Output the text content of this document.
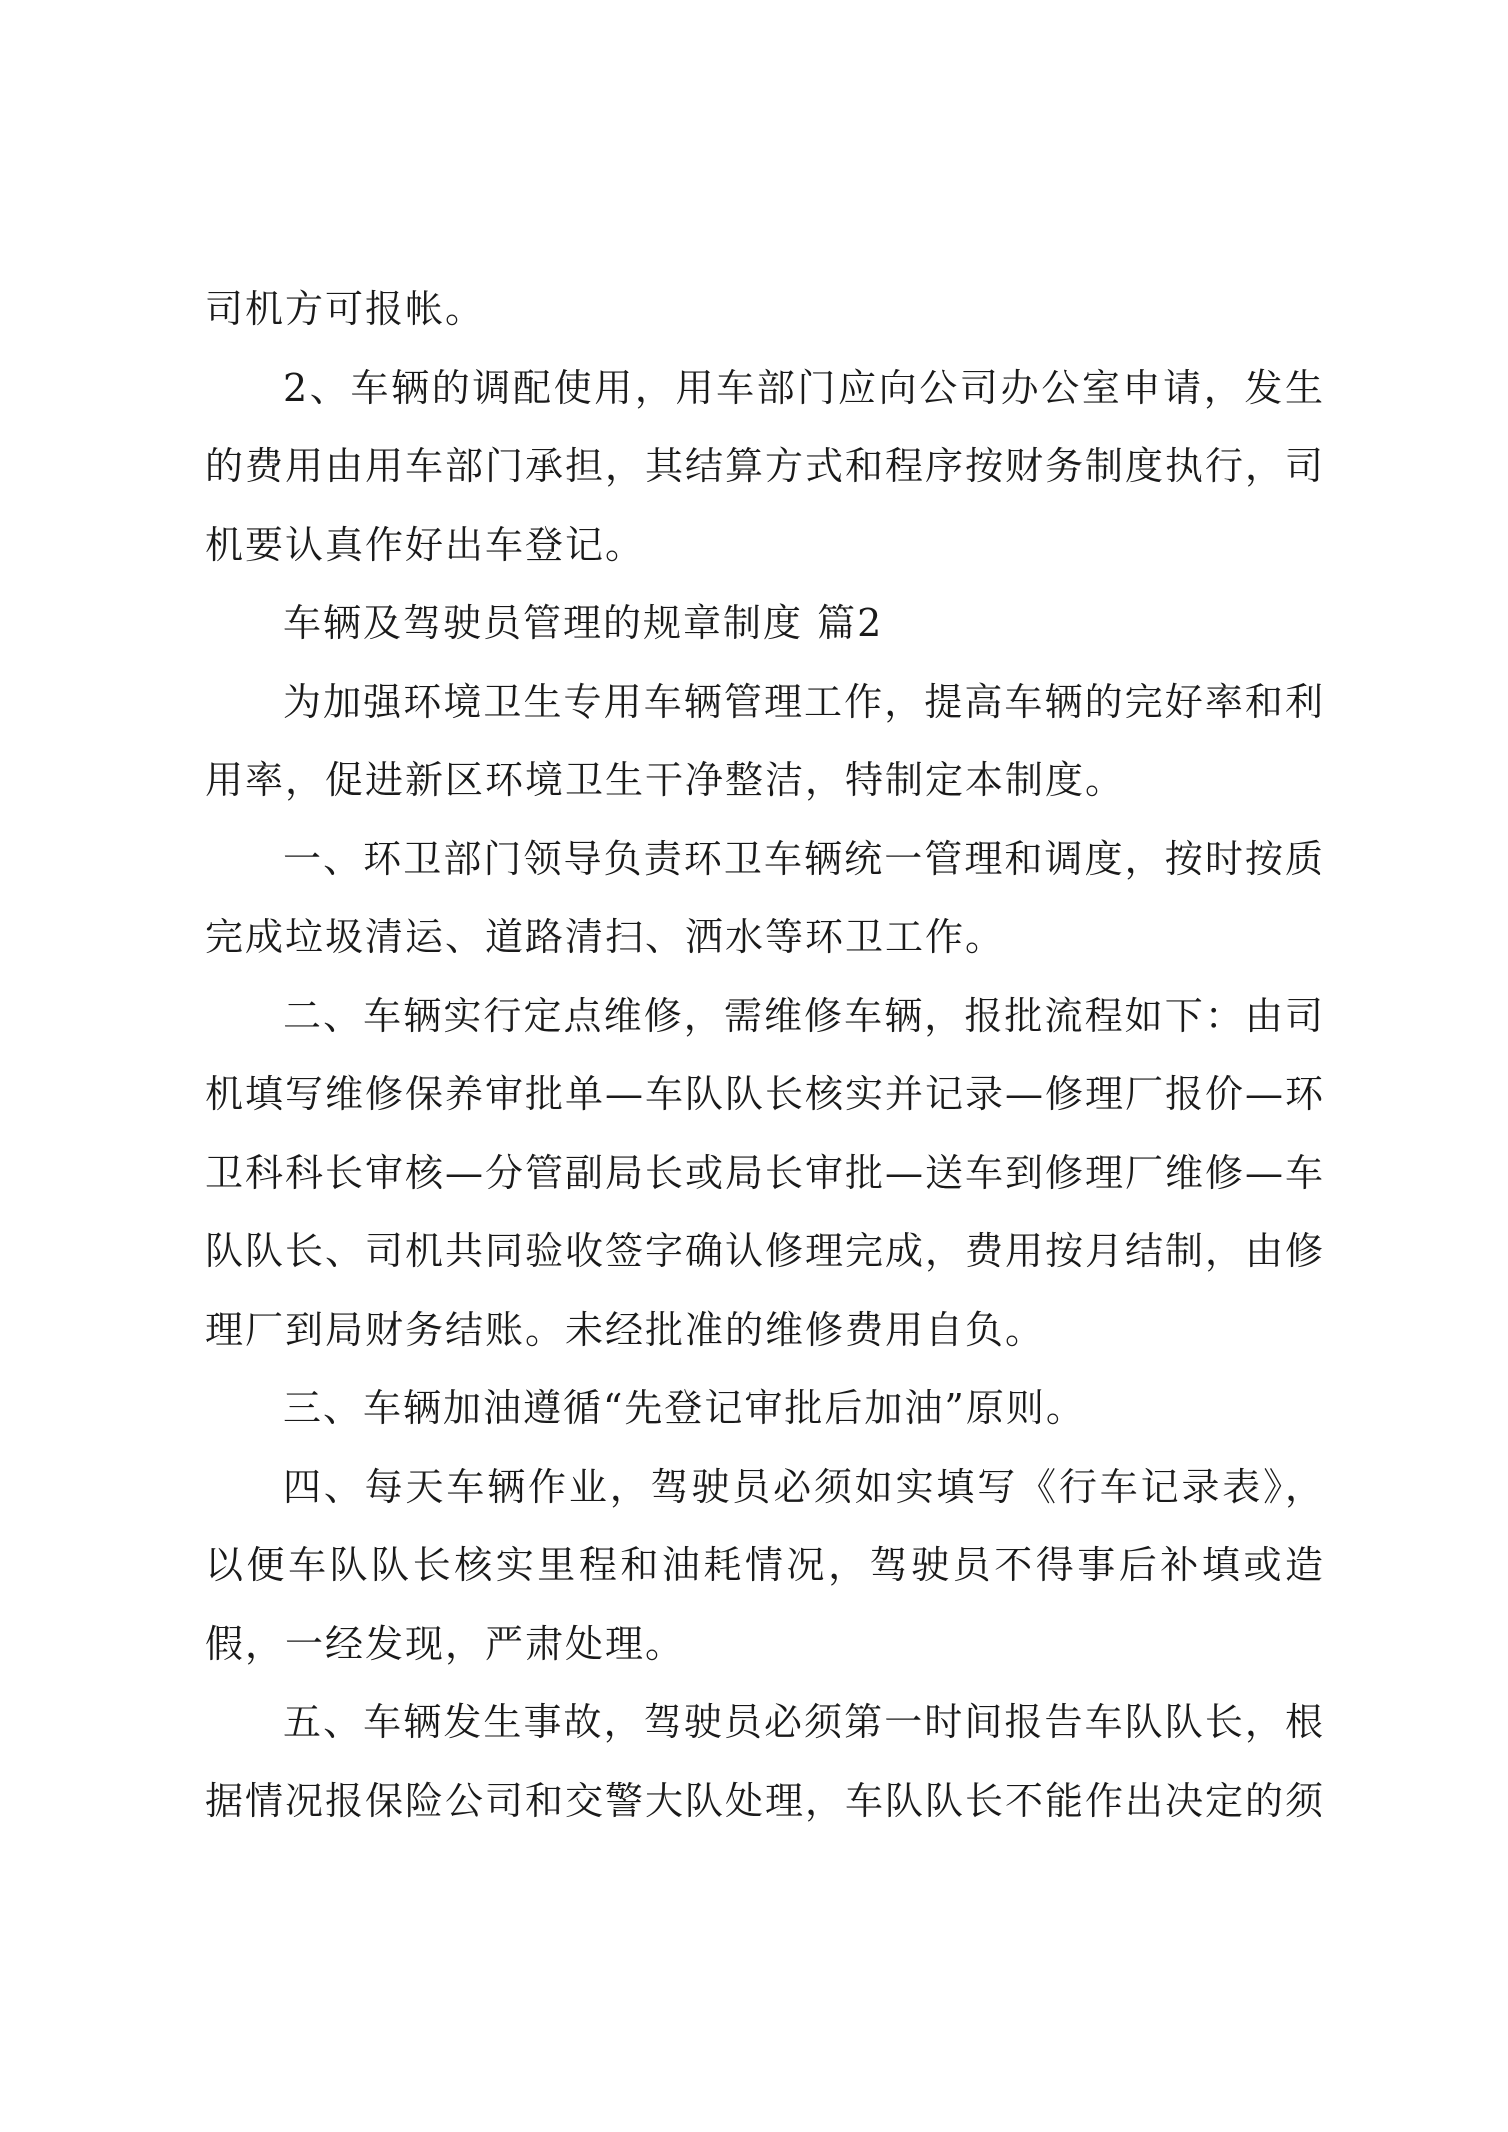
司机方可报帐。

2、车辆的调配使用，用车部门应向公司办公室申请，发生的费用由用车部门承担，其结算方式和程序按财务制度执行，司机要认真作好出车登记。

车辆及驾驶员管理的规章制度 篇2

为加强环境卫生专用车辆管理工作，提高车辆的完好率和利用率，促进新区环境卫生干净整洁，特制定本制度。

一、环卫部门领导负责环卫车辆统一管理和调度，按时按质完成垃圾清运、道路清扫、洒水等环卫工作。

二、车辆实行定点维修，需维修车辆，报批流程如下：由司机填写维修保养审批单—车队队长核实并记录—修理厂报价—环卫科科长审核—分管副局长或局长审批—送车到修理厂维修—车队队长、司机共同验收签字确认修理完成，费用按月结制，由修理厂到局财务结账。未经批准的维修费用自负。

三、车辆加油遵循“先登记审批后加油”原则。

四、每天车辆作业，驾驶员必须如实填写《行车记录表》，以便车队队长核实里程和油耗情况，驾驶员不得事后补填或造假，一经发现，严肃处理。

五、车辆发生事故，驾驶员必须第一时间报告车队队长，根据情况报保险公司和交警大队处理，车队队长不能作出决定的须
